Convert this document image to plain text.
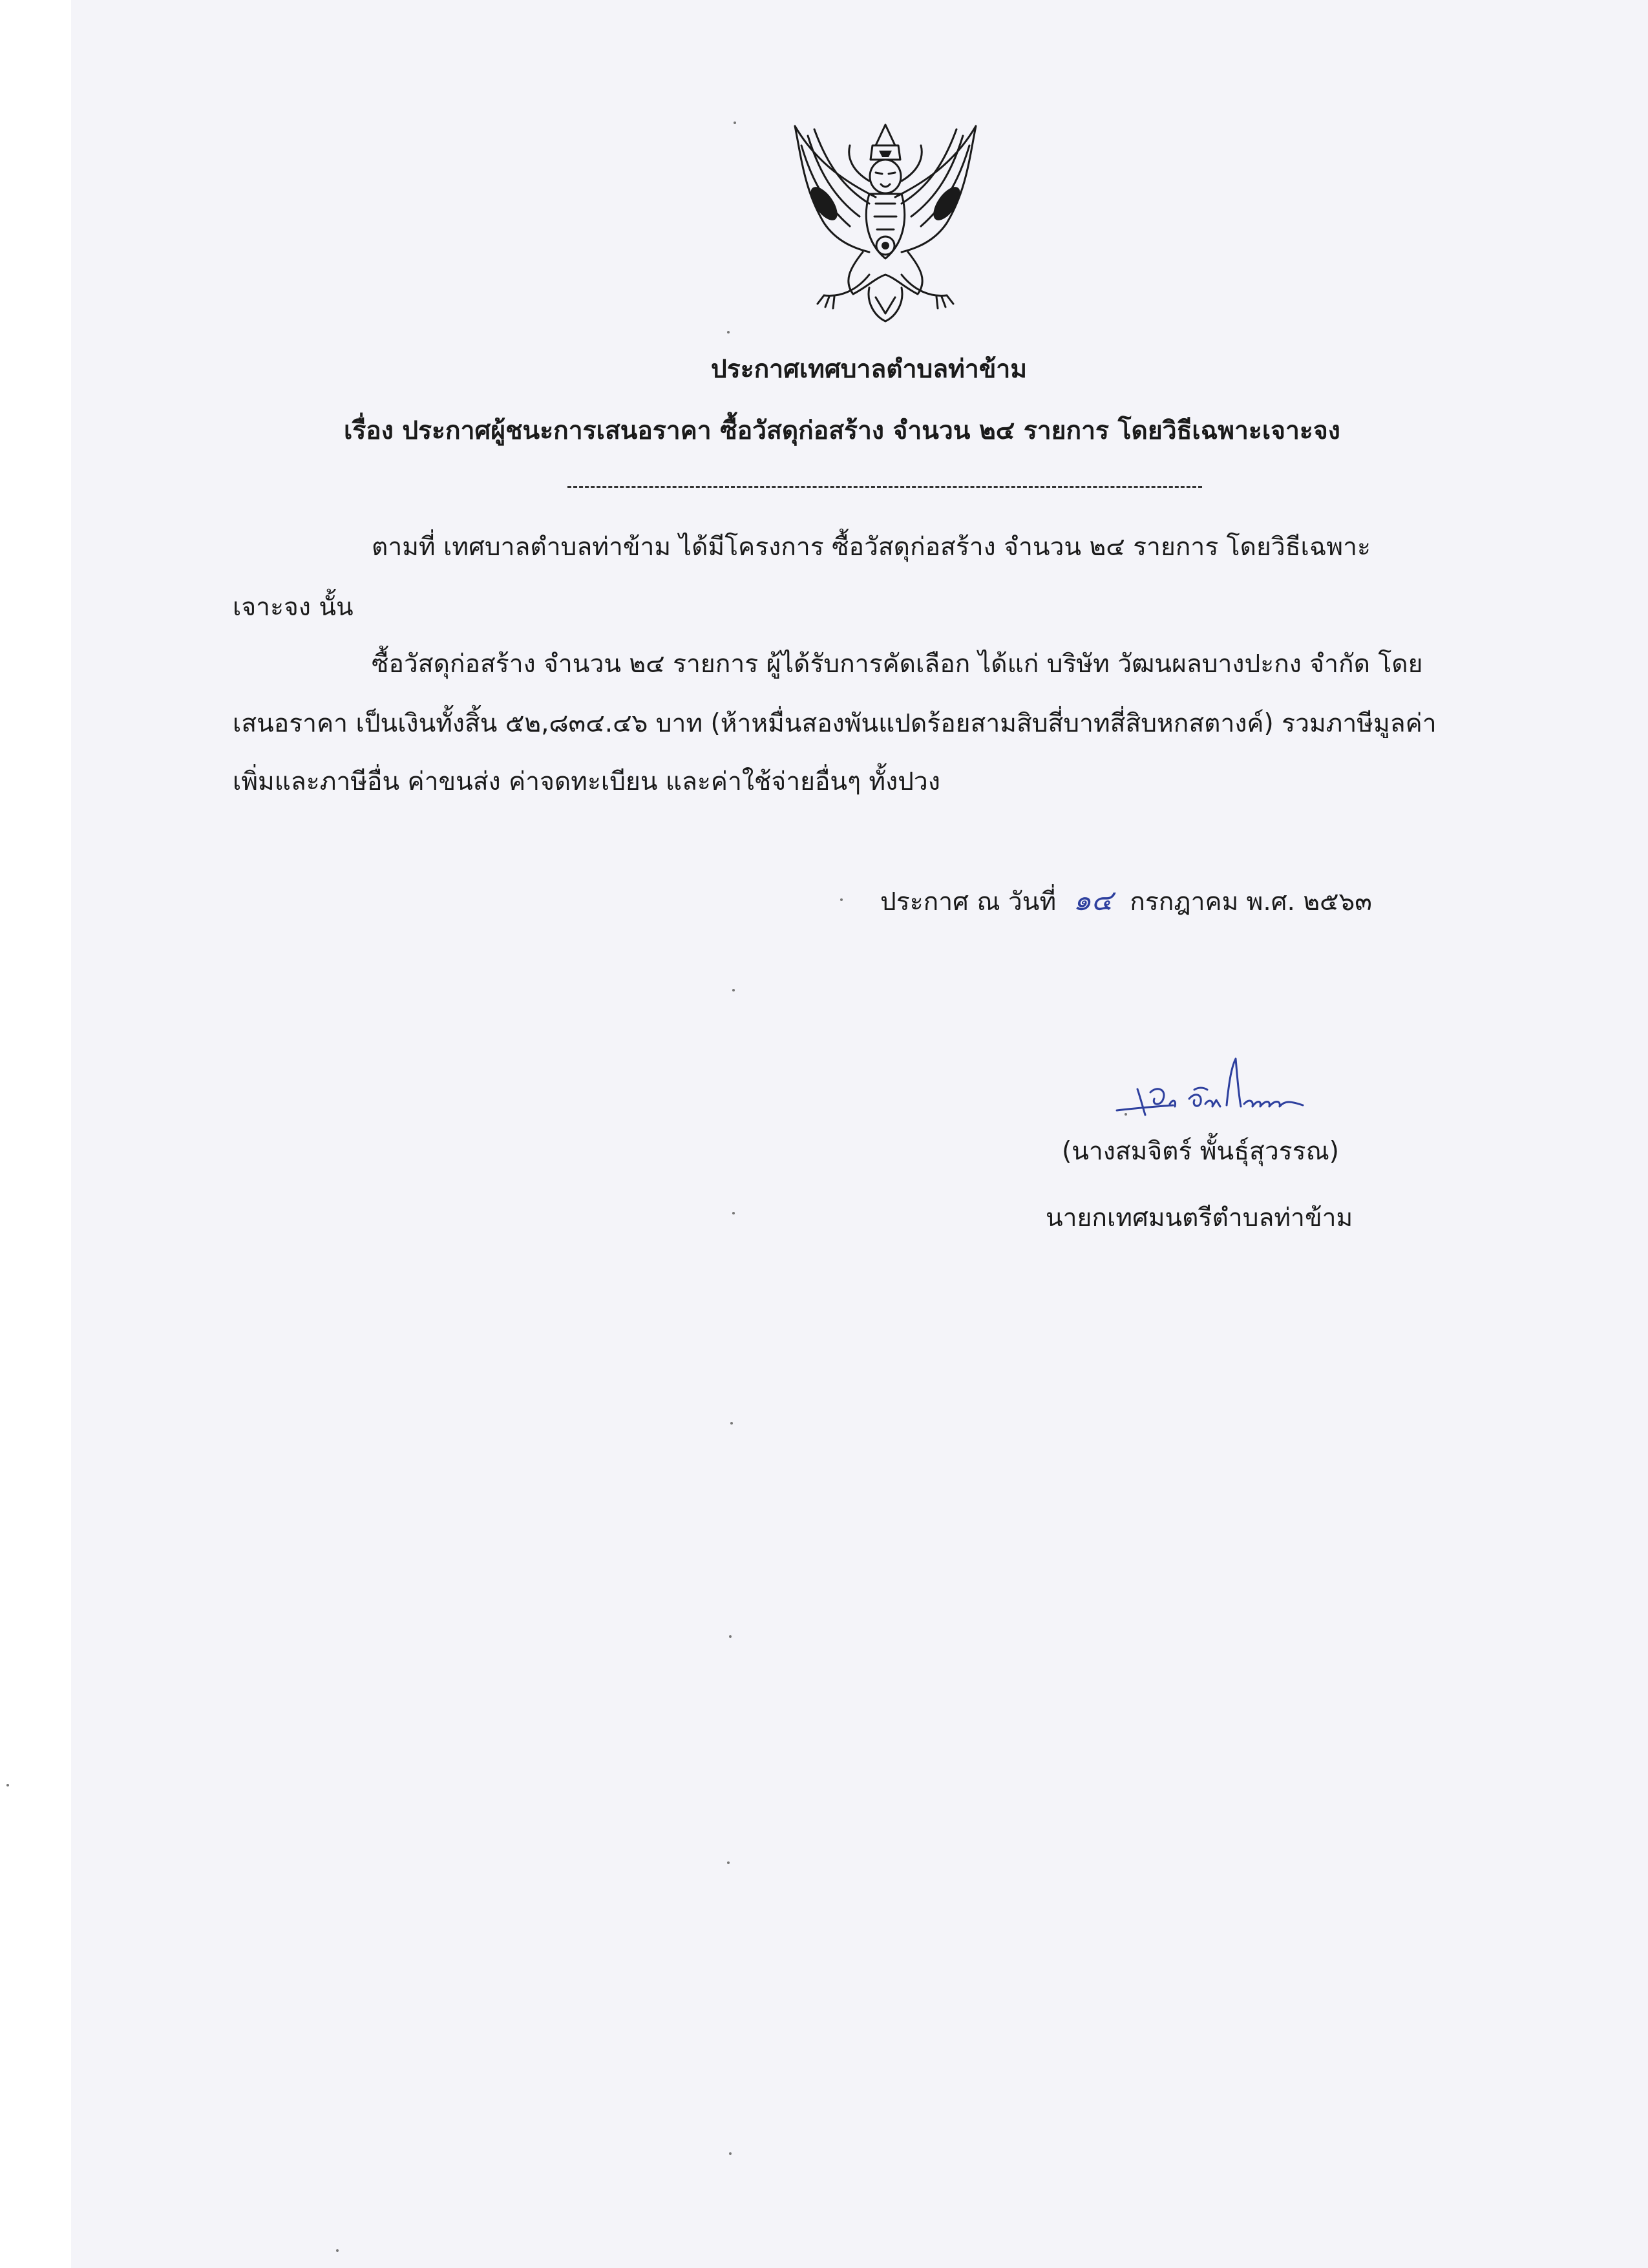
ประกาศเทศบาลตำบลท่าข้าม
เรื่อง ประกาศผู้ชนะการเสนอราคา ซื้อวัสดุก่อสร้าง จำนวน ๒๔ รายการ โดยวิธีเฉพาะเจาะจง
ตามที่ เทศบาลตำบลท่าข้าม ได้มีโครงการ ซื้อวัสดุก่อสร้าง จำนวน ๒๔ รายการ โดยวิธีเฉพาะ
เจาะจง นั้น
ซื้อวัสดุก่อสร้าง จำนวน ๒๔ รายการ ผู้ได้รับการคัดเลือก ได้แก่ บริษัท วัฒนผลบางปะกง จำกัด โดย
เสนอราคา เป็นเงินทั้งสิ้น ๕๒,๘๓๔.๔๖ บาท (ห้าหมื่นสองพันแปดร้อยสามสิบสี่บาทสี่สิบหกสตางค์) รวมภาษีมูลค่า
เพิ่มและภาษีอื่น ค่าขนส่ง ค่าจดทะเบียน และค่าใช้จ่ายอื่นๆ ทั้งปวง
ประกาศ ณ วันที่ ๑๔ กรกฎาคม พ.ศ. ๒๕๖๓
(นางสมจิตร์ พั้นธุ์สุวรรณ)
นายกเทศมนตรีตำบลท่าข้าม
